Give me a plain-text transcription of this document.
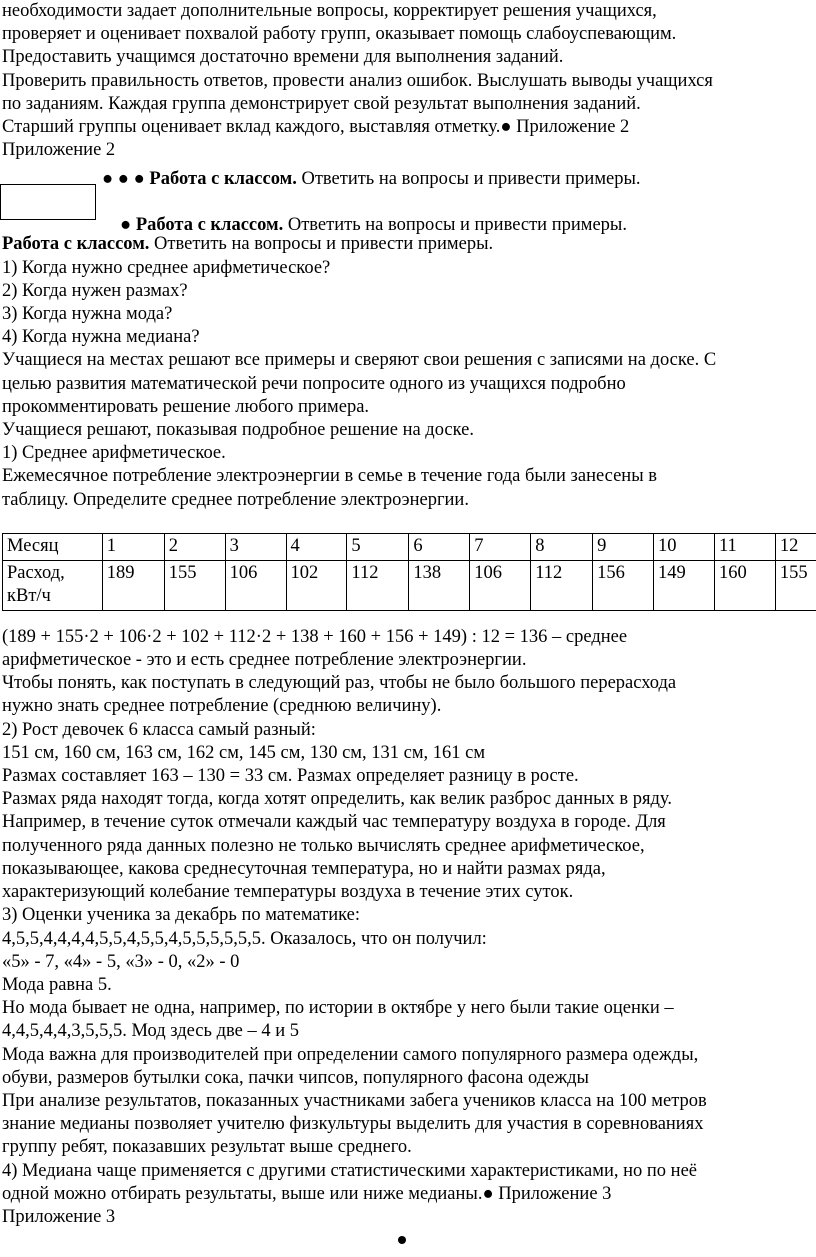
необходимости задает дополнительные вопросы, корректирует решения учащихся,

проверяет и оценивает похвалой работу групп, оказывает помощь слабоуспевающим.

Предоставить учащимся достаточно времени для выполнения заданий.

Проверить правильность ответов, провести анализ ошибок. Выслушать выводы учащихся

по заданиям. Каждая группа демонстрирует свой результат выполнения заданий.

Старший группы оценивает вклад каждого, выставляя отметку.● Приложение 2

Приложение 2

● ● ● Работа с классом. Ответить на вопросы и привести примеры.
● Работа с классом. Ответить на вопросы и привести примеры.

Работа с классом. Ответить на вопросы и привести примеры.

1) Когда нужно среднее арифметическое?

2) Когда нужен размах?

3) Когда нужна мода?

4) Когда нужна медиана?

Учащиеся на местах решают все примеры и сверяют свои решения с записями на доске. С

целью развития математической речи попросите одного из учащихся подробно

прокомментировать решение любого примера.

Учащиеся решают, показывая подробное решение на доске.

1) Среднее арифметическое.

Ежемесячное потребление электроэнергии в семье в течение года были занесены в

таблицу. Определите среднее потребление электроэнергии.

Месяц	1	2	3	4	5	6	7	8	9	10	11	12

Расход,
кВт/ч	189	155	106	102	112	138	106	112	156	149	160	155

(189 + 155·2 + 106·2 + 102 + 112·2 + 138 + 160 + 156 + 149) : 12 = 136 – среднее

арифметическое - это и есть среднее потребление электроэнергии.

Чтобы понять, как поступать в следующий раз, чтобы не было большого перерасхода

нужно знать среднее потребление (среднюю величину).

2) Рост девочек 6 класса самый разный:

151 см, 160 см, 163 см, 162 см, 145 см, 130 см, 131 см, 161 см

Размах составляет 163 – 130 = 33 см. Размах определяет разницу в росте.

Размах ряда находят тогда, когда хотят определить, как велик разброс данных в ряду.

Например, в течение суток отмечали каждый час температуру воздуха в городе. Для

полученного ряда данных полезно не только вычислять среднее арифметическое,

показывающее, какова среднесуточная температура, но и найти размах ряда,

характеризующий колебание температуры воздуха в течение этих суток.

3) Оценки ученика за декабрь по математике:

4,5,5,4,4,4,4,5,5,4,5,5,4,5,5,5,5,5,5. Оказалось, что он получил:

«5» - 7, «4» - 5, «3» - 0, «2» - 0

Мода равна 5.

Но мода бывает не одна, например, по истории в октябре у него были такие оценки –

4,4,5,4,4,3,5,5,5. Мод здесь две – 4 и 5

Мода важна для производителей при определении самого популярного размера одежды,

обуви, размеров бутылки сока, пачки чипсов, популярного фасона одежды

При анализе результатов, показанных участниками забега учеников класса на 100 метров

знание медианы позволяет учителю физкультуры выделить для участия в соревнованиях

группу ребят, показавших результат выше среднего.

4) Медиана чаще применяется с другими статистическими характеристиками, но по неё

одной можно отбирать результаты, выше или ниже медианы.● Приложение 3

Приложение 3
